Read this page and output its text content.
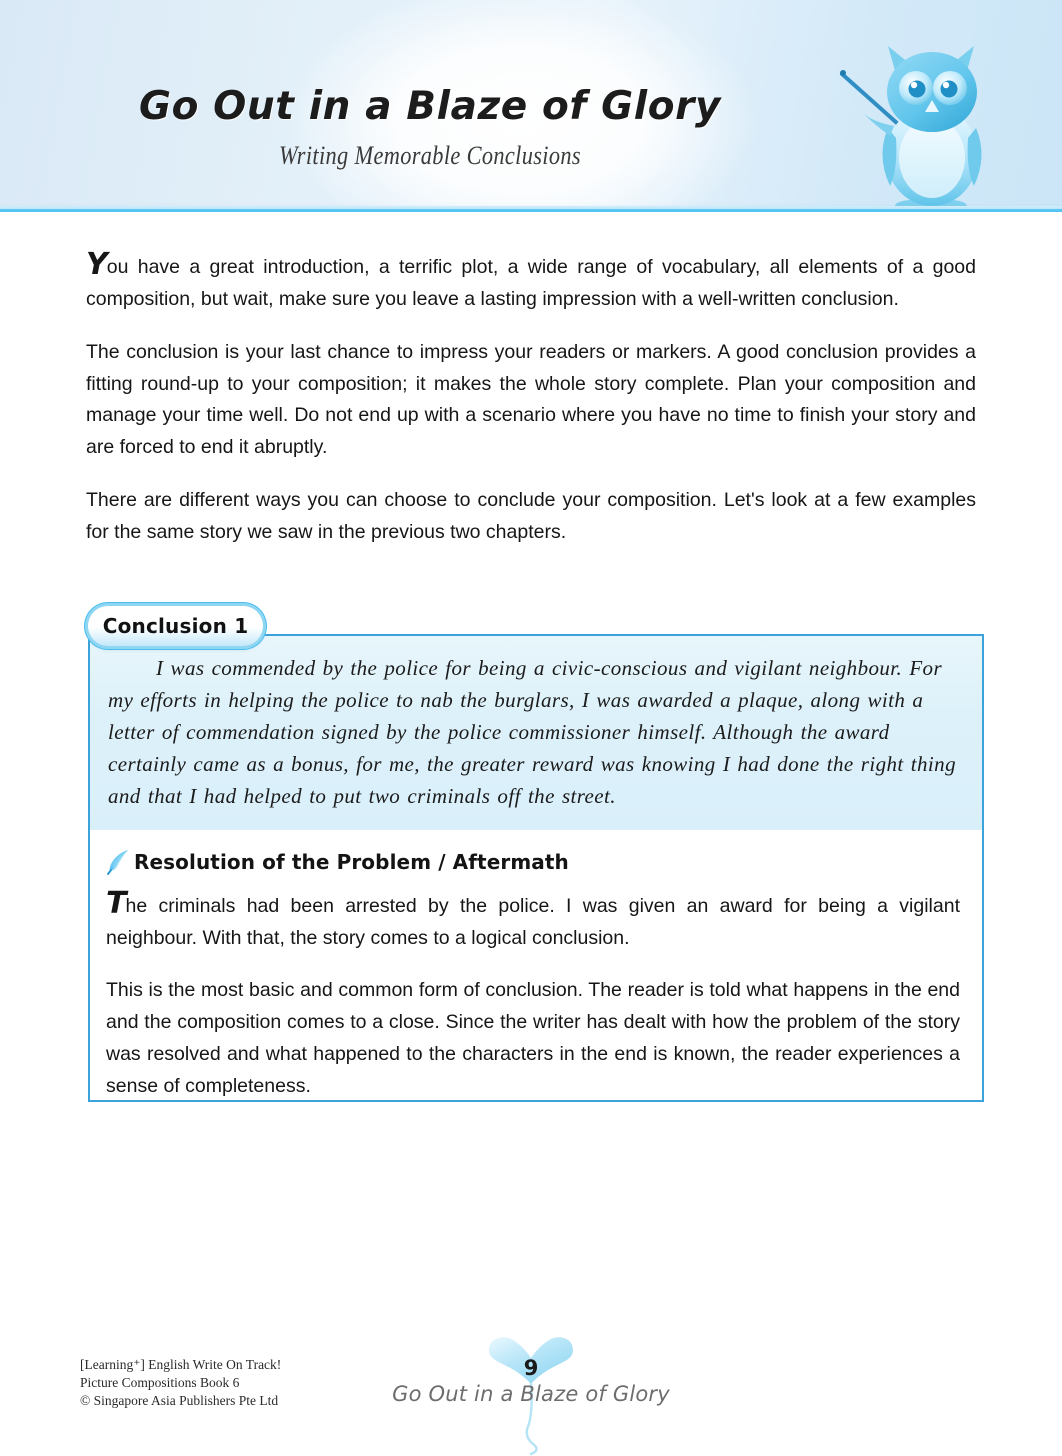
Go Out in a Blaze of Glory
Writing Memorable Conclusions

You have a great introduction, a terrific plot, a wide range of vocabulary, all elements of a good composition, but wait, make sure you leave a lasting impression with a well-written conclusion.

The conclusion is your last chance to impress your readers or markers. A good conclusion provides a fitting round-up to your composition; it makes the whole story complete. Plan your composition and manage your time well. Do not end up with a scenario where you have no time to finish your story and are forced to end it abruptly.

There are different ways you can choose to conclude your composition. Let's look at a few examples for the same story we saw in the previous two chapters.

I was commended by the police for being a civic-conscious and vigilant neighbour. For my efforts in helping the police to nab the burglars, I was awarded a plaque, along with a letter of commendation signed by the police commissioner himself. Although the award certainly came as a bonus, for me, the greater reward was knowing I had done the right thing and that I had helped to put two criminals off the street.

Resolution of the Problem / Aftermath

The criminals had been arrested by the police. I was given an award for being a vigilant neighbour. With that, the story comes to a logical conclusion.

This is the most basic and common form of conclusion. The reader is told what happens in the end and the composition comes to a close. Since the writer has dealt with how the problem of the story was resolved and what happened to the characters in the end is known, the reader experiences a sense of completeness.

Conclusion 1
[Learning⁺] English Write On Track!
Picture Compositions Book 6
© Singapore Asia Publishers Pte Ltd
9
Go Out in a Blaze of Glory
